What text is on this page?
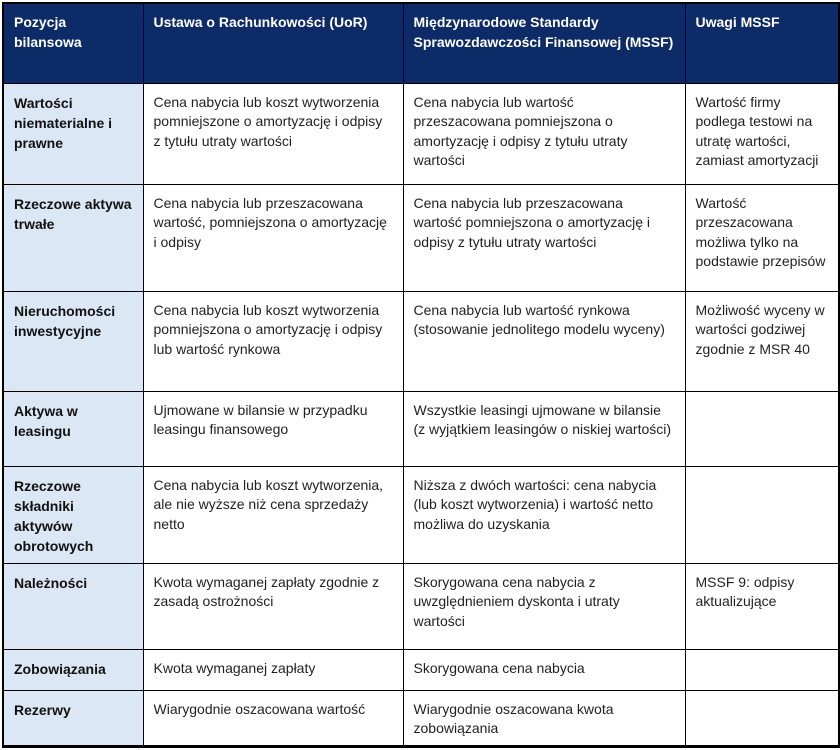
Pozycja bilansowa	Ustawa o Rachunkowości (UoR)	Międzynarodowe Standardy Sprawozdawczości Finansowej (MSSF)	Uwagi MSSF
Wartości niematerialne i prawne	Cena nabycia lub koszt wytworzenia pomniejszone o amortyzację i odpisy z tytułu utraty wartości	Cena nabycia lub wartość przeszacowana pomniejszona o amortyzację i odpisy z tytułu utraty wartości	Wartość firmy podlega testowi na utratę wartości, zamiast amortyzacji
Rzeczowe aktywa trwałe	Cena nabycia lub przeszacowana wartość, pomniejszona o amortyzację i odpisy	Cena nabycia lub przeszacowana wartość pomniejszona o amortyzację i odpisy z tytułu utraty wartości	Wartość przeszacowana możliwa tylko na podstawie przepisów
Nieruchomości inwestycyjne	Cena nabycia lub koszt wytworzenia pomniejszona o amortyzację i odpisy lub wartość rynkowa	Cena nabycia lub wartość rynkowa (stosowanie jednolitego modelu wyceny)	Możliwość wyceny w wartości godziwej zgodnie z MSR 40
Aktywa w leasingu	Ujmowane w bilansie w przypadku leasingu finansowego	Wszystkie leasingi ujmowane w bilansie (z wyjątkiem leasingów o niskiej wartości)	
Rzeczowe składniki aktywów obrotowych	Cena nabycia lub koszt wytworzenia, ale nie wyższe niż cena sprzedaży netto	Niższa z dwóch wartości: cena nabycia (lub koszt wytworzenia) i wartość netto możliwa do uzyskania	
Należności	Kwota wymaganej zapłaty zgodnie z zasadą ostrożności	Skorygowana cena nabycia z uwzględnieniem dyskonta i utraty wartości	MSSF 9: odpisy aktualizujące
Zobowiązania	Kwota wymaganej zapłaty	Skorygowana cena nabycia	
Rezerwy	Wiarygodnie oszacowana wartość	Wiarygodnie oszacowana kwota zobowiązania	
